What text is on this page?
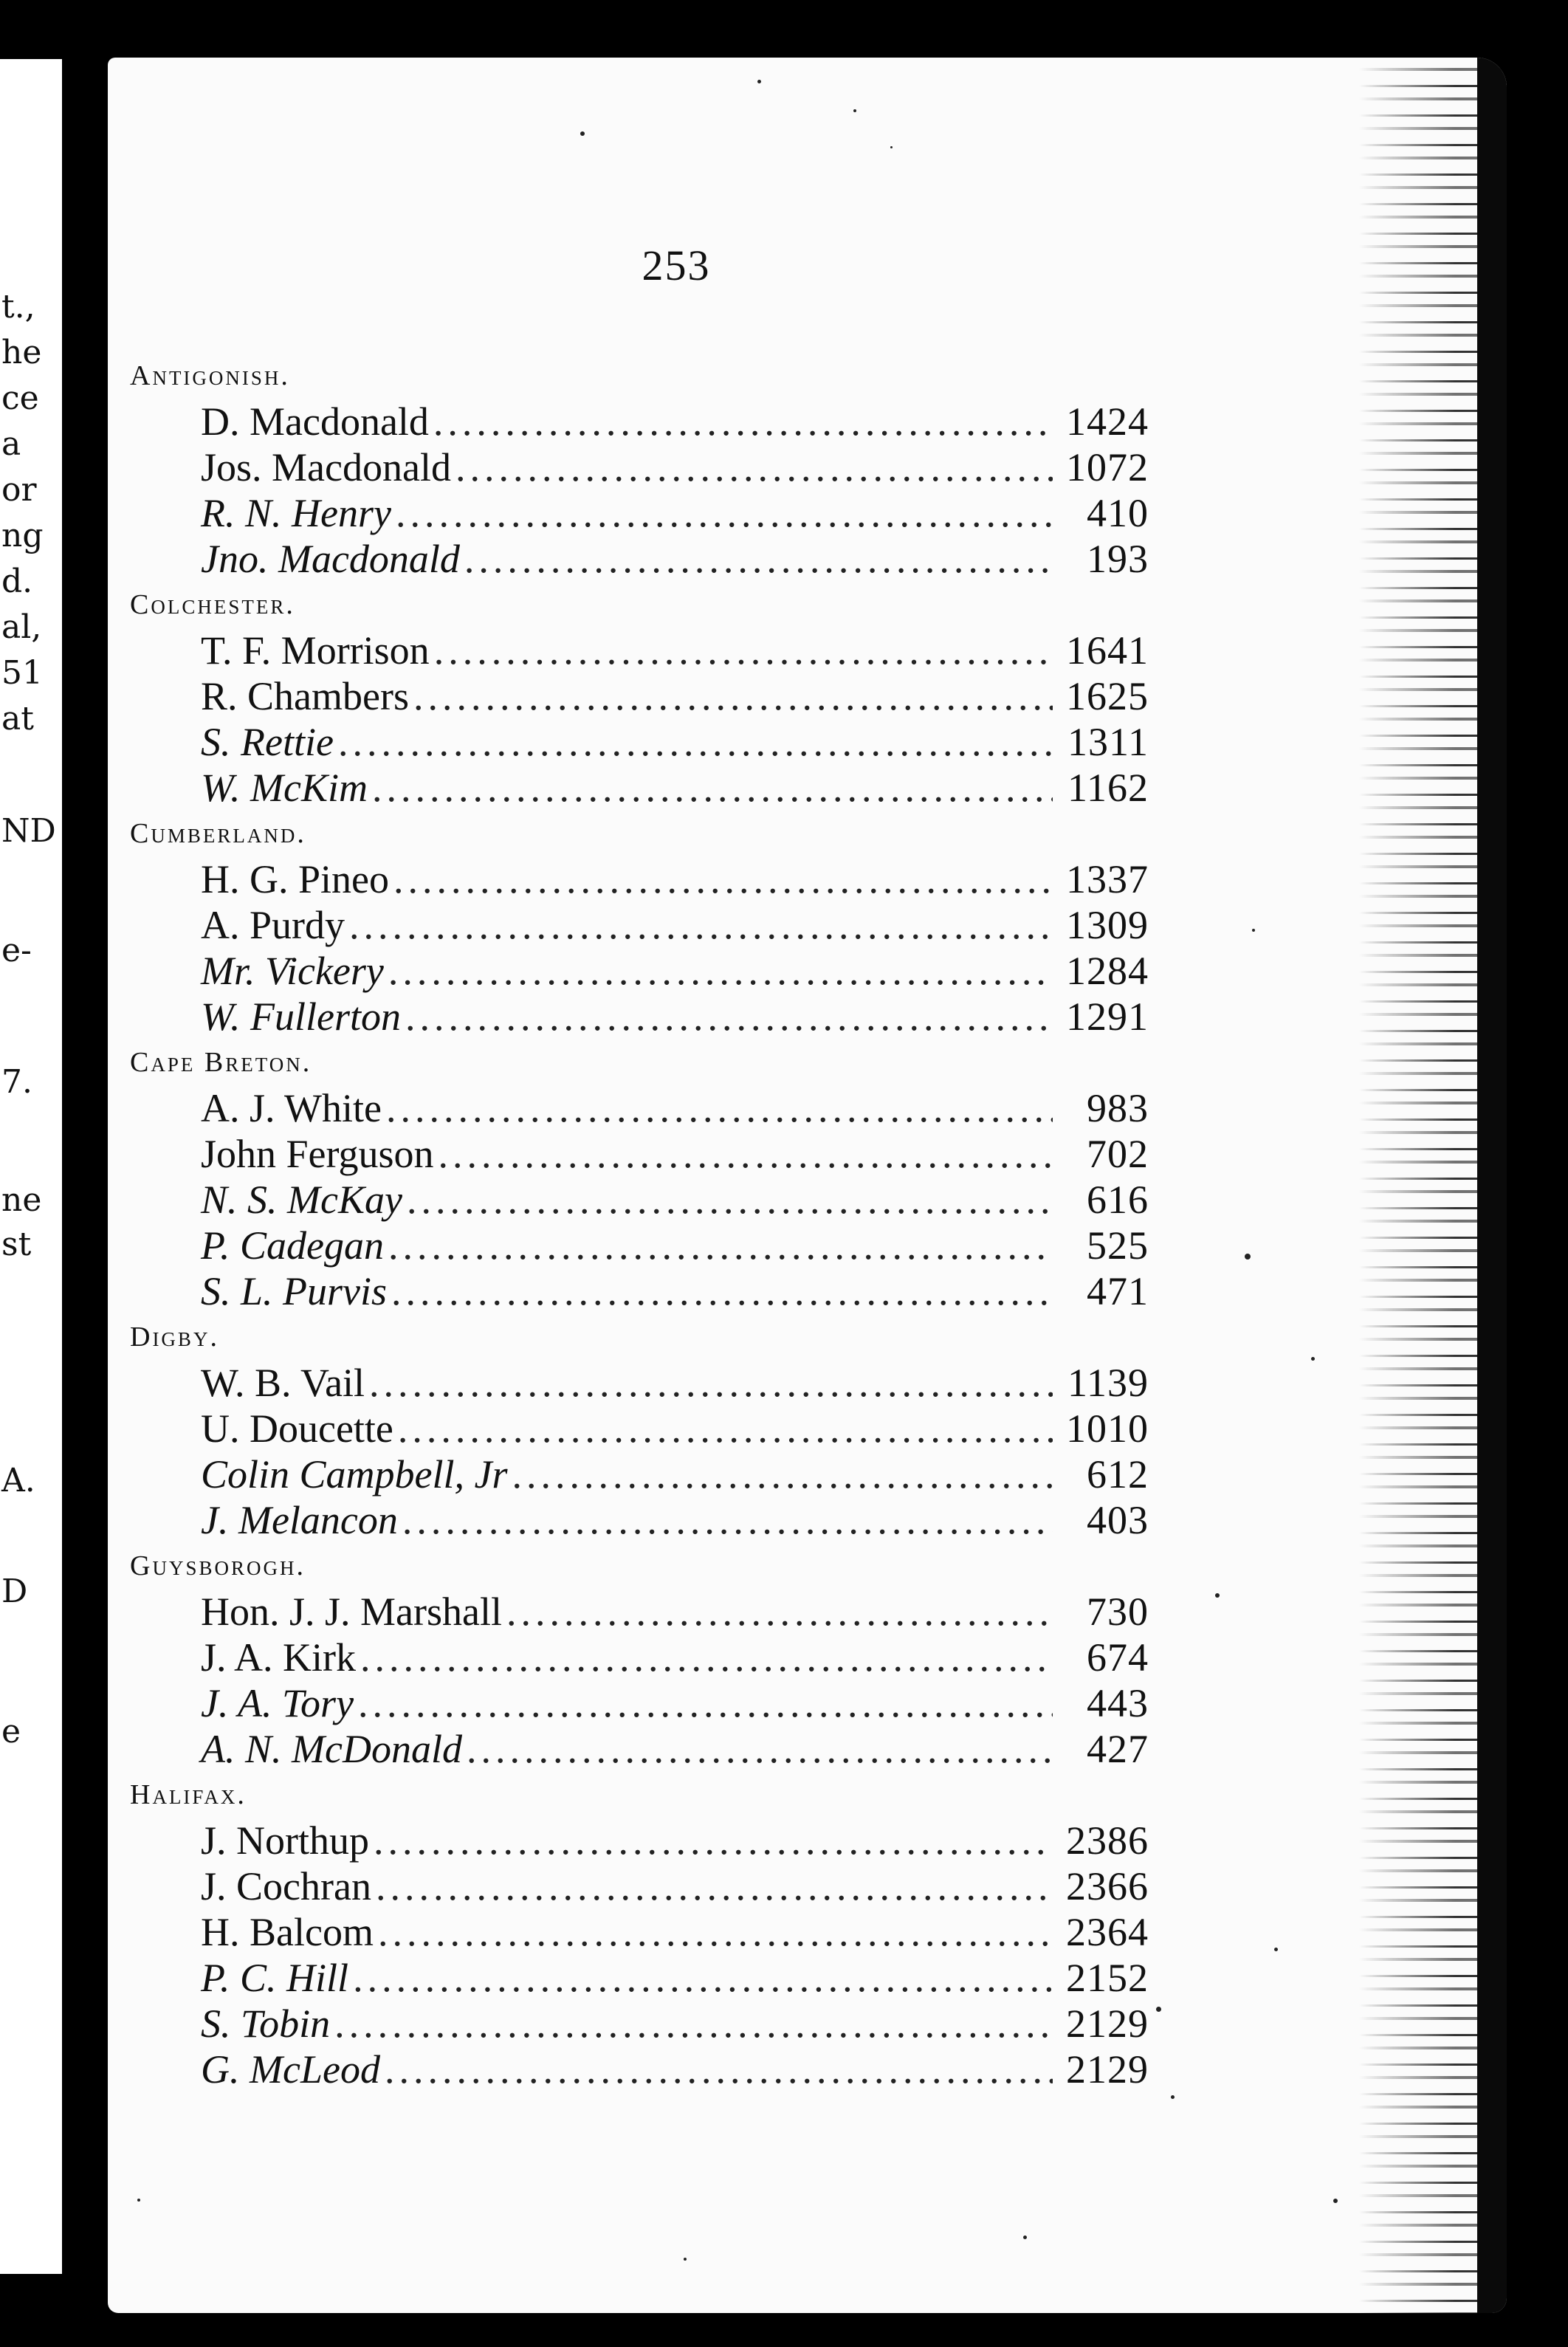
t.,
he
ce
a
or
ng
d.
al,
51
at
ND
e-
7.
ne
st
A.
D
e
253
Antigonish.
D. Macdonald .....	1424
Jos. Macdonald .....	1072
R. N. Henry .....	410
Jno. Macdonald .....	193
Colchester.
T. F. Morrison .....	1641
R. Chambers .....	1625
S. Rettie .....	1311
W. McKim .....	1162
Cumberland.
H. G. Pineo .....	1337
A. Purdy .....	1309
Mr. Vickery .....	1284
W. Fullerton .....	1291
Cape Breton.
A. J. White .....	983
John Ferguson .....	702
N. S. McKay .....	616
P. Cadegan .....	525
S. L. Purvis .....	471
Digby.
W. B. Vail .....	1139
U. Doucette .....	1010
Colin Campbell, Jr .....	612
J. Melancon .....	403
Guysborogh.
Hon. J. J. Marshall .....	730
J. A. Kirk .....	674
J. A. Tory .....	443
A. N. McDonald .....	427
Halifax.
J. Northup .....	2386
J. Cochran .....	2366
H. Balcom .....	2364
P. C. Hill .....	2152
S. Tobin .....	2129
G. McLeod .....	2129
